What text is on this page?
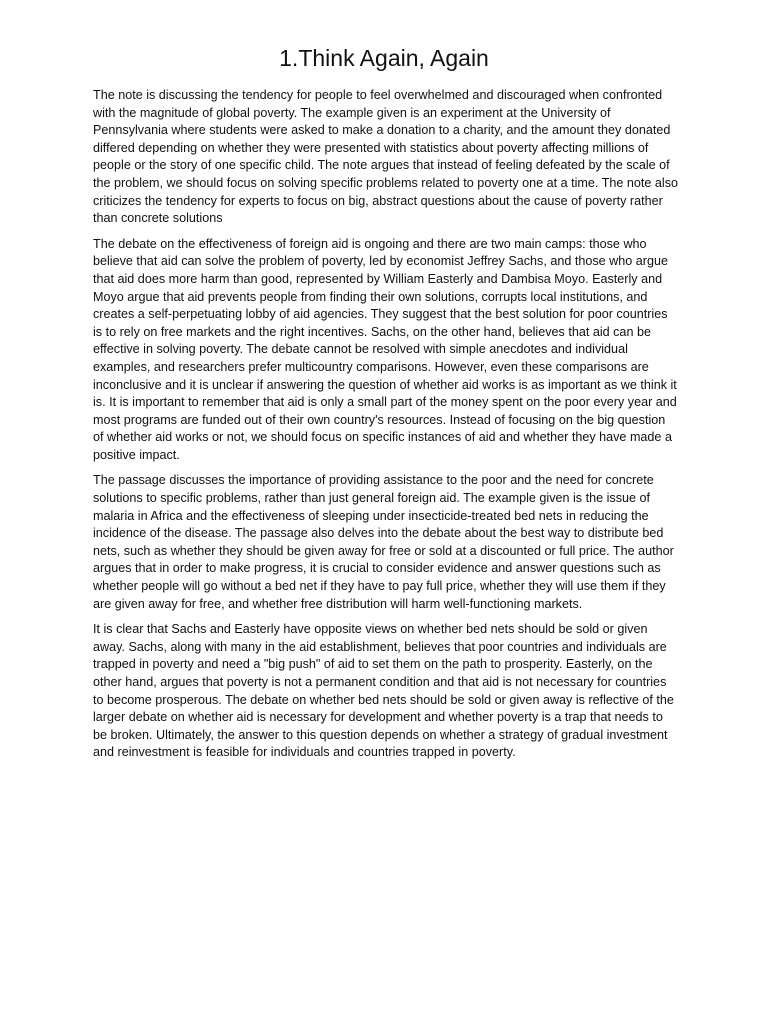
1.Think Again, Again

The note is discussing the tendency for people to feel overwhelmed and discouraged when confronted with the magnitude of global poverty. The example given is an experiment at the University of Pennsylvania where students were asked to make a donation to a charity, and the amount they donated differed depending on whether they were presented with statistics about poverty affecting millions of people or the story of one specific child. The note argues that instead of feeling defeated by the scale of the problem, we should focus on solving specific problems related to poverty one at a time. The note also criticizes the tendency for experts to focus on big, abstract questions about the cause of poverty rather than concrete solutions

The debate on the effectiveness of foreign aid is ongoing and there are two main camps: those who believe that aid can solve the problem of poverty, led by economist Jeffrey Sachs, and those who argue that aid does more harm than good, represented by William Easterly and Dambisa Moyo. Easterly and Moyo argue that aid prevents people from finding their own solutions, corrupts local institutions, and creates a self-perpetuating lobby of aid agencies. They suggest that the best solution for poor countries is to rely on free markets and the right incentives. Sachs, on the other hand, believes that aid can be effective in solving poverty. The debate cannot be resolved with simple anecdotes and individual examples, and researchers prefer multicountry comparisons. However, even these comparisons are inconclusive and it is unclear if answering the question of whether aid works is as important as we think it is. It is important to remember that aid is only a small part of the money spent on the poor every year and most programs are funded out of their own country's resources. Instead of focusing on the big question of whether aid works or not, we should focus on specific instances of aid and whether they have made a positive impact.

The passage discusses the importance of providing assistance to the poor and the need for concrete solutions to specific problems, rather than just general foreign aid. The example given is the issue of malaria in Africa and the effectiveness of sleeping under insecticide-treated bed nets in reducing the incidence of the disease. The passage also delves into the debate about the best way to distribute bed nets, such as whether they should be given away for free or sold at a discounted or full price. The author argues that in order to make progress, it is crucial to consider evidence and answer questions such as whether people will go without a bed net if they have to pay full price, whether they will use them if they are given away for free, and whether free distribution will harm well-functioning markets.

It is clear that Sachs and Easterly have opposite views on whether bed nets should be sold or given away. Sachs, along with many in the aid establishment, believes that poor countries and individuals are trapped in poverty and need a "big push" of aid to set them on the path to prosperity. Easterly, on the other hand, argues that poverty is not a permanent condition and that aid is not necessary for countries to become prosperous. The debate on whether bed nets should be sold or given away is reflective of the larger debate on whether aid is necessary for development and whether poverty is a trap that needs to be broken. Ultimately, the answer to this question depends on whether a strategy of gradual investment and reinvestment is feasible for individuals and countries trapped in poverty.
